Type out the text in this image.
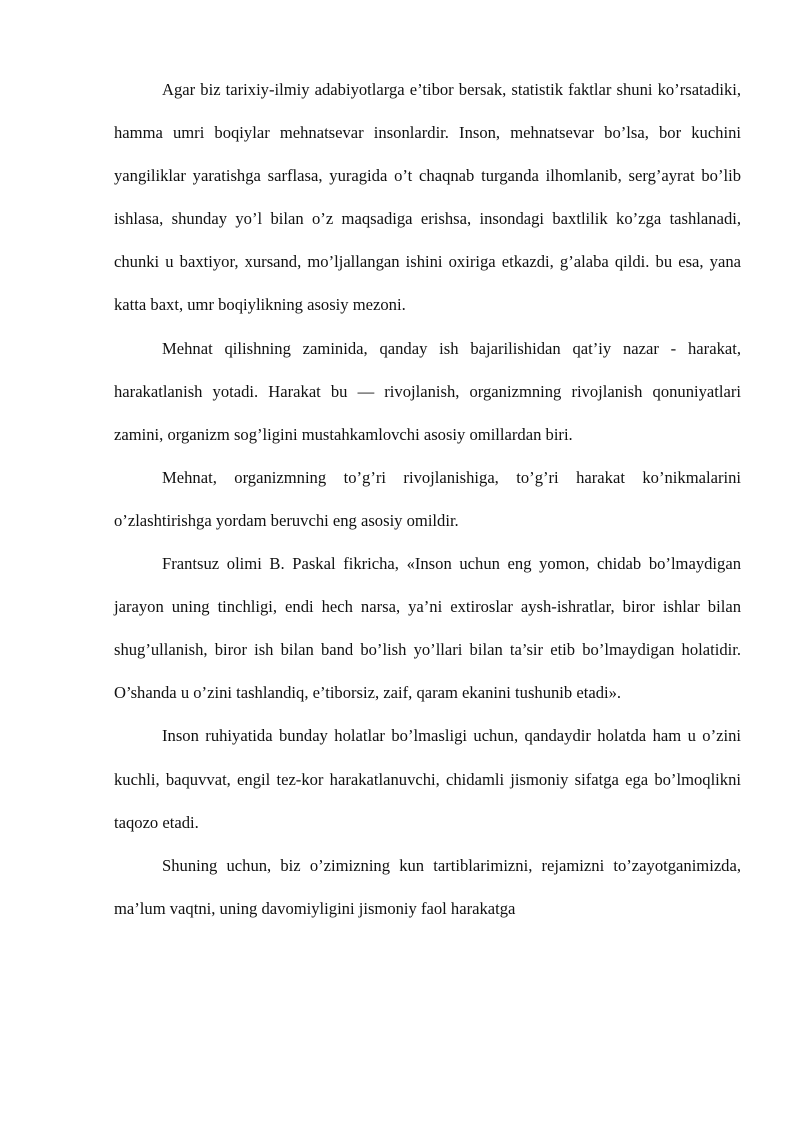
Agar biz tarixiy-ilmiy adabiyotlarga e’tibor bersak, statistik faktlar shuni ko’rsatadiki, hamma umri boqiylar mehnatsevar insonlardir. Inson, mehnatsevar bo’lsa, bor kuchini yangiliklar yaratishga sarflasa, yuragida o’t chaqnab turganda ilhomlanib, serg’ayrat bo’lib ishlasa, shunday yo’l bilan o’z maqsadiga erishsa, insondagi baxtlilik ko’zga tashlanadi, chunki u baxtiyor, xursand, mo’ljallangan ishini oxiriga etkazdi, g’alaba qildi. bu esa, yana katta baxt, umr boqiylikning asosiy mezoni.

Mehnat qilishning zaminida, qanday ish bajarilishidan qat’iy nazar - harakat, harakatlanish yotadi. Harakat bu — rivojlanish, organizmning rivojlanish qonuniyatlari zamini, organizm sog’ligini mustahkamlovchi asosiy omillardan biri.

Mehnat, organizmning to’g’ri rivojlanishiga, to’g’ri harakat ko’nikmalarini o’zlashtirishga yordam beruvchi eng asosiy omildir.

Frantsuz olimi B. Paskal fikricha, «Inson uchun eng yomon, chidab bo’lmaydigan jarayon uning tinchligi, endi hech narsa, ya’ni extiroslar aysh-ishratlar, biror ishlar bilan shug’ullanish, biror ish bilan band bo’lish yo’llari bilan ta’sir etib bo’lmaydigan holatidir. O’shanda u o’zini tashlandiq, e’tiborsiz, zaif, qaram ekanini tushunib etadi».

Inson ruhiyatida bunday holatlar bo’lmasligi uchun, qandaydir holatda ham u o’zini kuchli, baquvvat, engil tez-kor harakatlanuvchi, chidamli jismoniy sifatga ega bo’lmoqlikni taqozo etadi.

Shuning uchun, biz o’zimizning kun tartiblarimizni, rejamizni to’zayotganimizda, ma’lum vaqtni, uning davomiyligini jismoniy faol harakatga
